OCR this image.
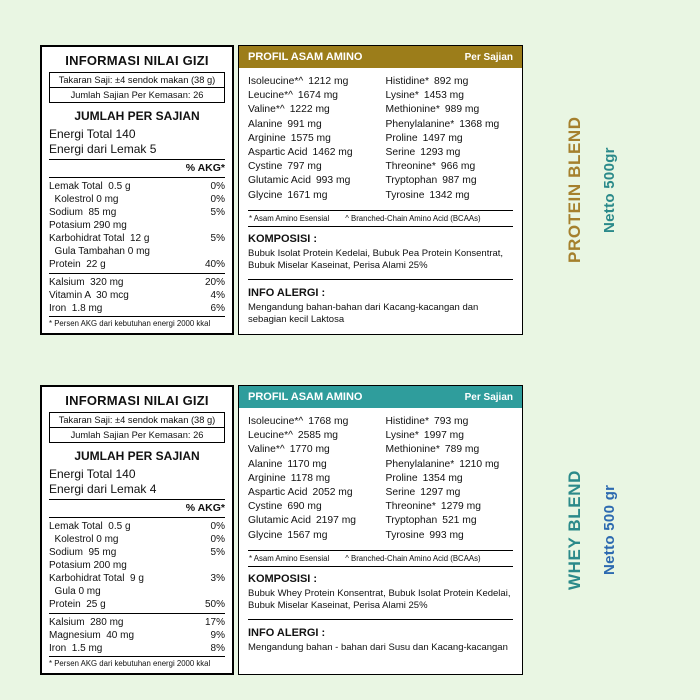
INFORMASI NILAI GIZI
Takaran Saji: ±4 sendok makan (38 g)
Jumlah Sajian Per Kemasan: 26
JUMLAH PER SAJIAN
Energi Total 140
Energi dari Lemak 5
% AKG*
Lemak Total  0.5 g	0%
Kolestrol 0 mg	0%
Sodium  85 mg	5%
Potasium 290 mg
Karbohidrat Total  12 g	5%
Gula Tambahan 0 mg
Protein  22 g	40%
Kalsium  320 mg	20%
Vitamin A  30 mcg	4%
Iron  1.8 mg	6%
* Persen AKG dari kebutuhan energi 2000 kkal
PROFIL ASAM AMINO	Per Sajian
Isoleucine*^ 1212 mg
Leucine*^ 1674 mg
Valine*^ 1222 mg
Alanine 991 mg
Arginine 1575 mg
Aspartic Acid 1462 mg
Cystine 797 mg
Glutamic Acid 993 mg
Glycine 1671 mg
Histidine* 892 mg
Lysine* 1453 mg
Methionine* 989 mg
Phenylalanine* 1368 mg
Proline 1497 mg
Serine 1293 mg
Threonine* 966 mg
Tryptophan 987 mg
Tyrosine 1342 mg
* Asam Amino Esensial ^ Branched-Chain Amino Acid (BCAAs)
KOMPOSISI :
Bubuk Isolat Protein Kedelai, Bubuk Pea Protein Konsentrat, Bubuk Miselar Kaseinat, Perisa Alami 25%
INFO ALERGI :
Mengandung bahan-bahan dari Kacang-kacangan dan sebagian kecil Laktosa
PROTEIN BLEND Netto 500gr
INFORMASI NILAI GIZI
Takaran Saji: ±4 sendok makan (38 g)
Jumlah Sajian Per Kemasan: 26
JUMLAH PER SAJIAN
Energi Total 140
Energi dari Lemak 4
% AKG*
Lemak Total  0.5 g	0%
Kolestrol 0 mg	0%
Sodium  95 mg	5%
Potasium 200 mg
Karbohidrat Total  9 g	3%
Gula 0 mg
Protein  25 g	50%
Kalsium  280 mg	17%
Magnesium  40 mg	9%
Iron  1.5 mg	8%
* Persen AKG dari kebutuhan energi 2000 kkal
PROFIL ASAM AMINO	Per Sajian
Isoleucine*^ 1768 mg
Leucine*^ 2585 mg
Valine*^ 1770 mg
Alanine 1170 mg
Arginine 1178 mg
Aspartic Acid 2052 mg
Cystine 690 mg
Glutamic Acid 2197 mg
Glycine 1567 mg
Histidine* 793 mg
Lysine* 1997 mg
Methionine* 789 mg
Phenylalanine* 1210 mg
Proline 1354 mg
Serine 1297 mg
Threonine* 1279 mg
Tryptophan 521 mg
Tyrosine 993 mg
* Asam Amino Esensial ^ Branched-Chain Amino Acid (BCAAs)
KOMPOSISI :
Bubuk Whey Protein Konsentrat, Bubuk Isolat Protein Kedelai, Bubuk Miselar Kaseinat, Perisa Alami 25%
INFO ALERGI :
Mengandung bahan - bahan dari Susu dan Kacang-kacangan
WHEY BLEND Netto 500 gr
